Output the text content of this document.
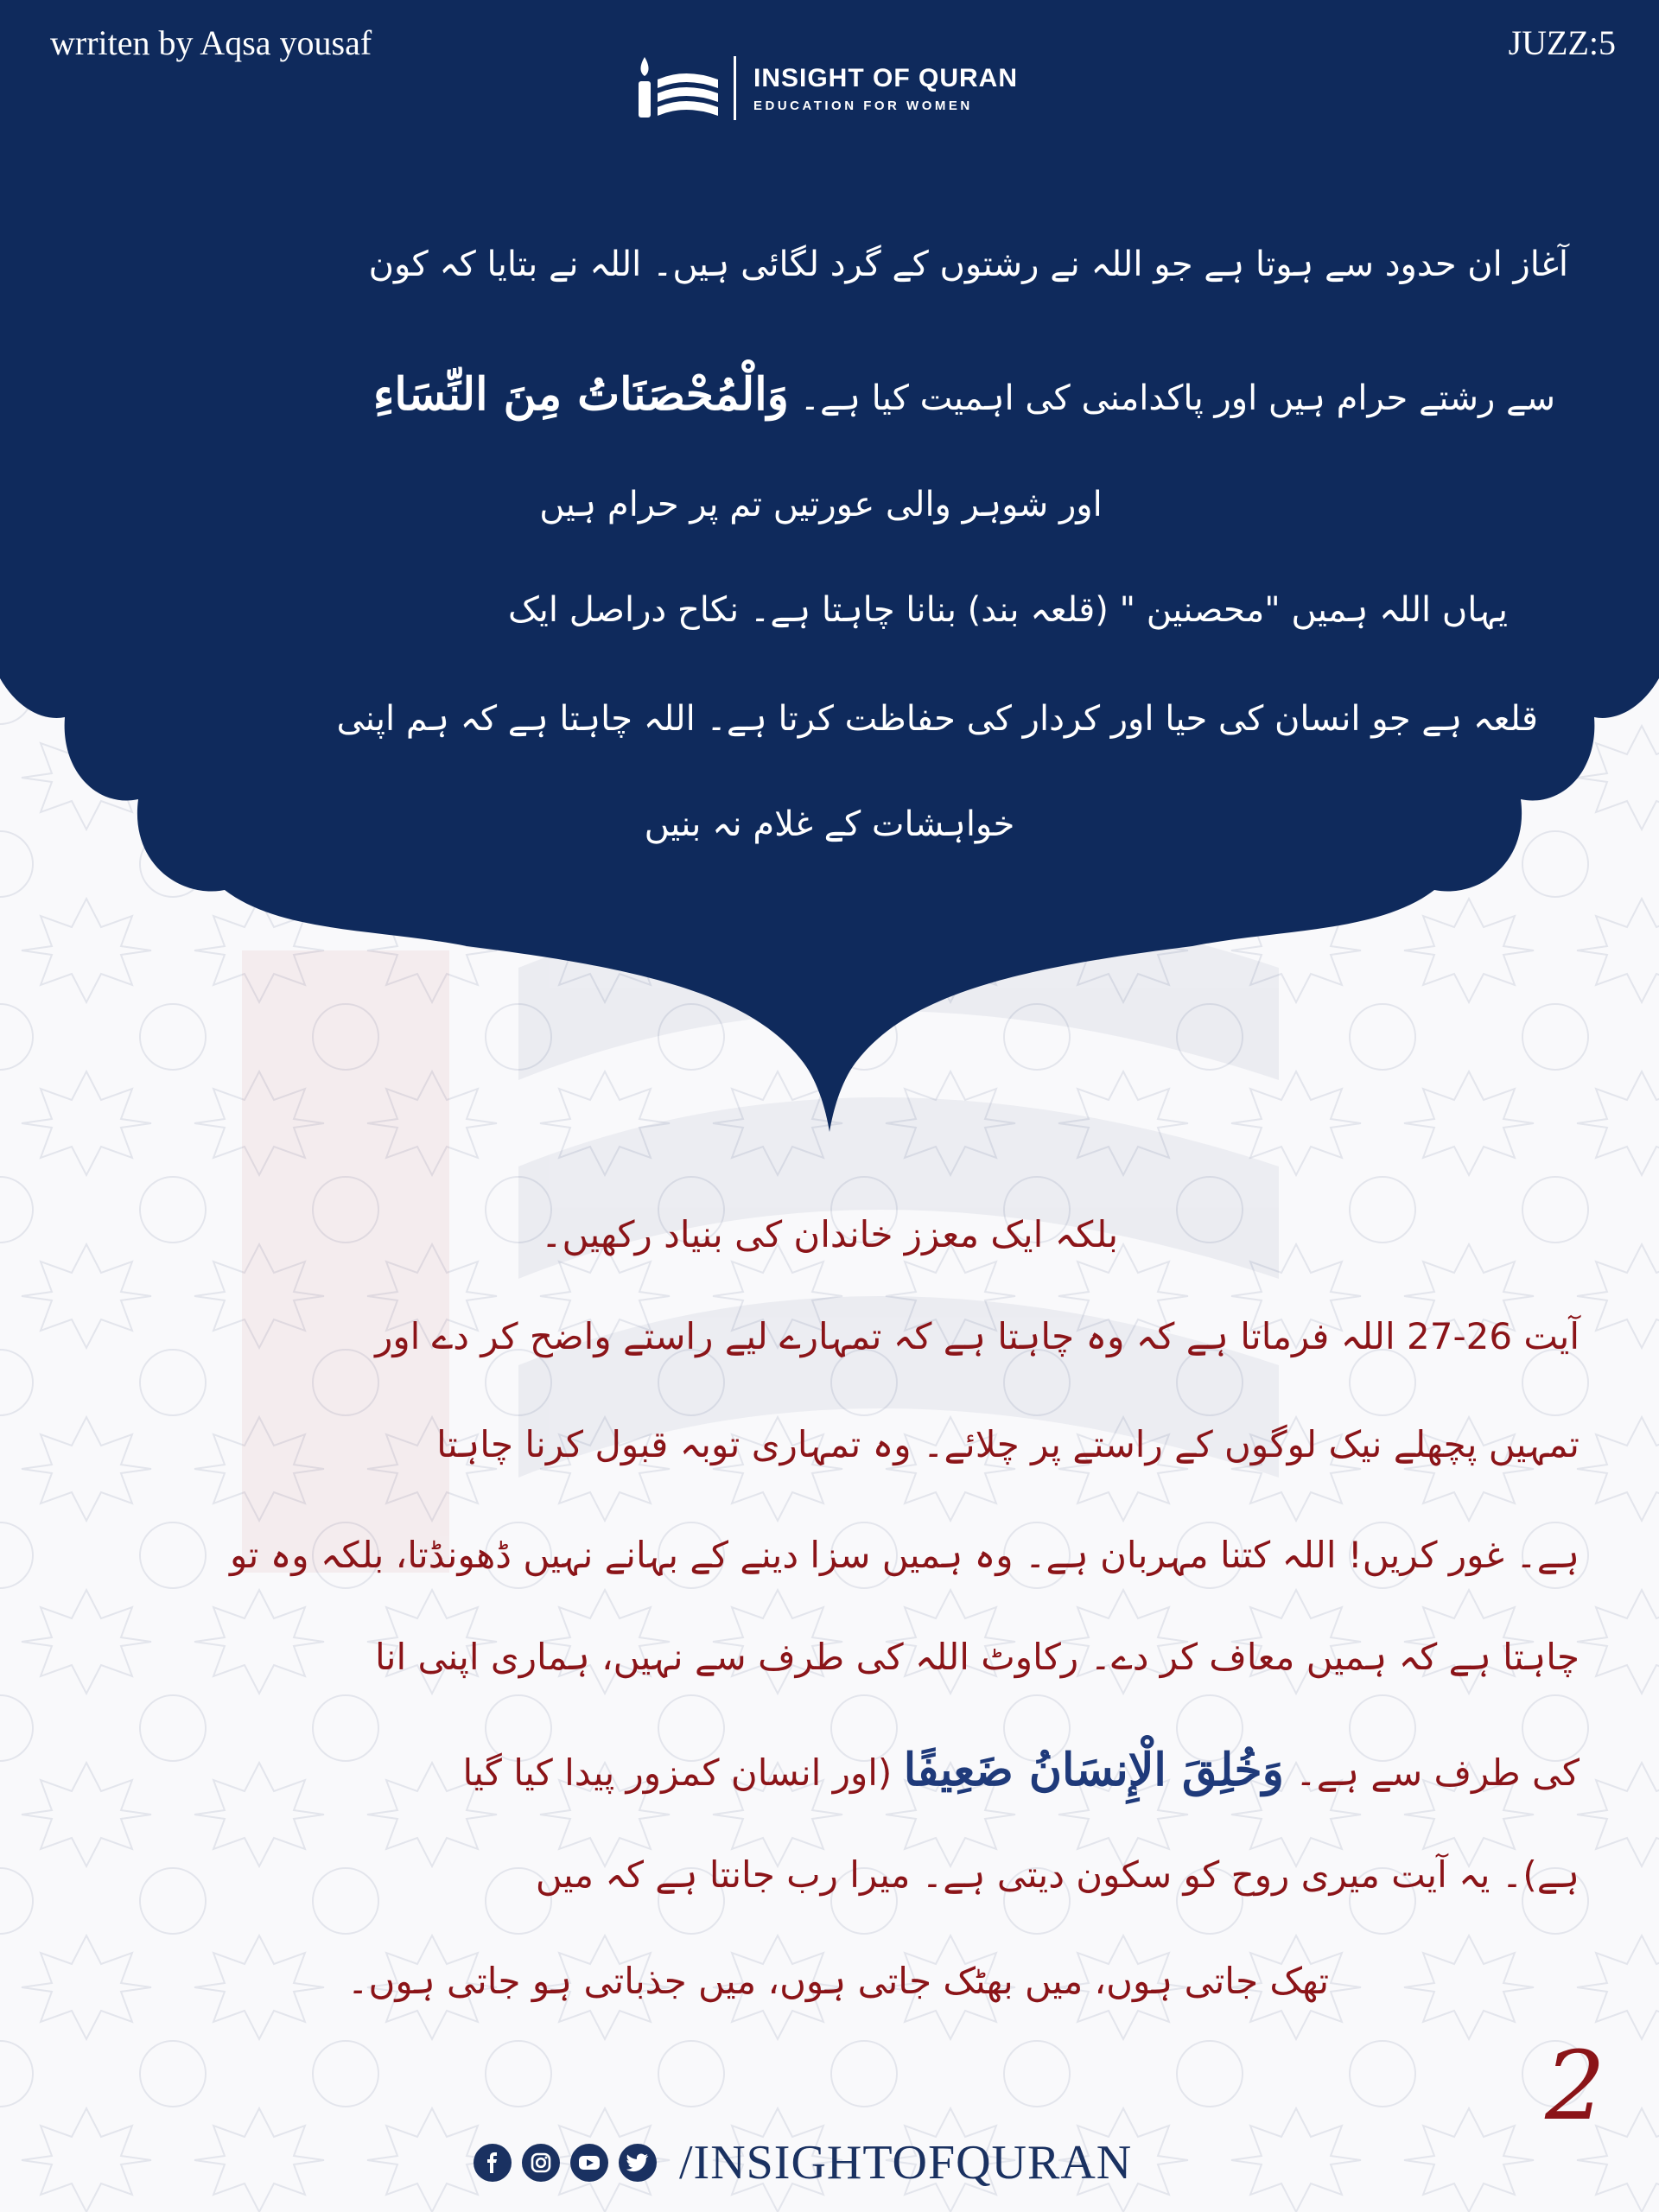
wrriten by Aqsa yousaf	JUZZ:5
INSIGHT OF QURAN
EDUCATION FOR WOMEN
آغاز ان حدود سے ہوتا ہے جو اللہ نے رشتوں کے گرد لگائی ہیں۔ اللہ نے بتایا کہ کون
سے رشتے حرام ہیں اور پاکدامنی کی اہمیت کیا ہے۔ وَالْمُحْصَنَاتُ مِنَ النِّسَاءِ
اور شوہر والی عورتیں تم پر حرام ہیں
یہاں اللہ ہمیں "محصنین " (قلعہ بند) بنانا چاہتا ہے۔ نکاح دراصل ایک
قلعہ ہے جو انسان کی حیا اور کردار کی حفاظت کرتا ہے۔ اللہ چاہتا ہے کہ ہم اپنی
خواہشات کے غلام نہ بنیں
بلکہ ایک معزز خاندان کی بنیاد رکھیں۔
آیت 26-27 اللہ فرماتا ہے کہ وہ چاہتا ہے کہ تمہارے لیے راستے واضح کر دے اور
تمہیں پچھلے نیک لوگوں کے راستے پر چلائے۔ وہ تمہاری توبہ قبول کرنا چاہتا
ہے۔ غور کریں! اللہ کتنا مہربان ہے۔ وہ ہمیں سزا دینے کے بہانے نہیں ڈھونڈتا، بلکہ وہ تو
چاہتا ہے کہ ہمیں معاف کر دے۔ رکاوٹ اللہ کی طرف سے نہیں، ہماری اپنی انا
کی طرف سے ہے۔ وَخُلِقَ الْإِنسَانُ ضَعِيفًا (اور انسان کمزور پیدا کیا گیا
ہے)۔ یہ آیت میری روح کو سکون دیتی ہے۔ میرا رب جانتا ہے کہ میں
تھک جاتی ہوں، میں بھٹک جاتی ہوں، میں جذباتی ہو جاتی ہوں۔
2
/INSIGHTOFQURAN
